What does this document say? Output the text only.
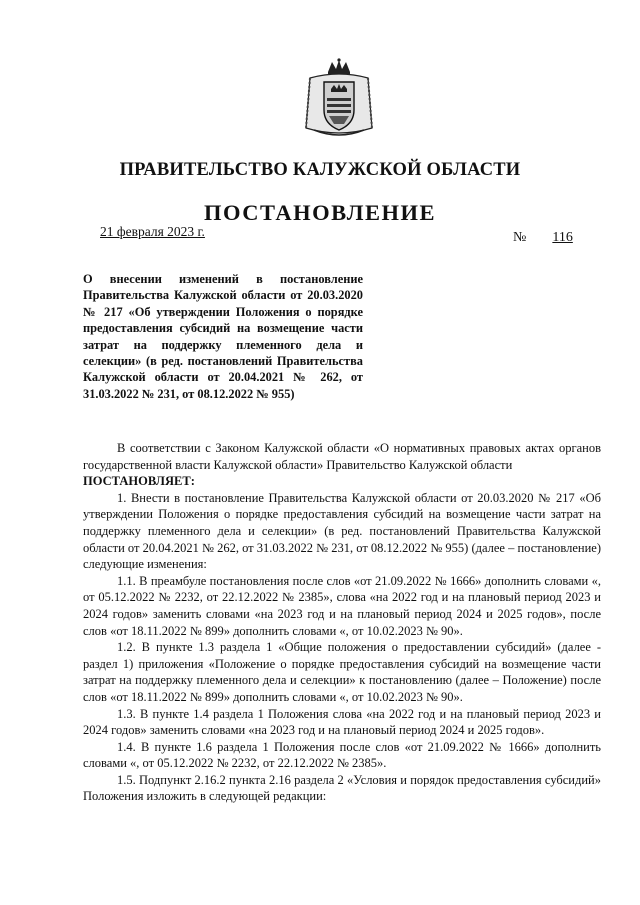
ПРАВИТЕЛЬСТВО КАЛУЖСКОЙ ОБЛАСТИ
ПОСТАНОВЛЕНИЕ
21 февраля 2023 г.	№ 116
О внесении изменений в постановление Правительства Калужской области от 20.03.2020 № 217 «Об утверждении Положения о порядке предоставления субсидий на возмещение части затрат на поддержку племенного дела и селекции» (в ред. постановлений Правительства Калужской области от 20.04.2021 № 262, от 31.03.2022 № 231, от 08.12.2022 № 955)

В соответствии с Законом Калужской области «О нормативных правовых актах органов государственной власти Калужской области» Правительство Калужской области

ПОСТАНОВЛЯЕТ:

1. Внести в постановление Правительства Калужской области от 20.03.2020 № 217 «Об утверждении Положения о порядке предоставления субсидий на возмещение части затрат на поддержку племенного дела и селекции» (в ред. постановлений Правительства Калужской области от 20.04.2021 № 262, от 31.03.2022 № 231, от 08.12.2022 № 955) (далее – постановление) следующие изменения:

1.1. В преамбуле постановления после слов «от 21.09.2022 № 1666» дополнить словами «, от 05.12.2022 № 2232, от 22.12.2022 № 2385», слова «на 2022 год и на плановый период 2023 и 2024 годов» заменить словами «на 2023 год и на плановый период 2024 и 2025 годов», после слов «от 18.11.2022 № 899» дополнить словами «, от 10.02.2023 № 90».

1.2. В пункте 1.3 раздела 1 «Общие положения о предоставлении субсидий» (далее - раздел 1) приложения «Положение о порядке предоставления субсидий на возмещение части затрат на поддержку племенного дела и селекции» к постановлению (далее – Положение) после слов «от 18.11.2022 № 899» дополнить словами «, от 10.02.2023 № 90».

1.3. В пункте 1.4 раздела 1 Положения слова «на 2022 год и на плановый период 2023 и 2024 годов» заменить словами «на 2023 год и на плановый период 2024 и 2025 годов».

1.4. В пункте 1.6 раздела 1 Положения после слов «от 21.09.2022 № 1666» дополнить словами «, от 05.12.2022 № 2232, от 22.12.2022 № 2385».

1.5. Подпункт 2.16.2 пункта 2.16 раздела 2 «Условия и порядок предоставления субсидий» Положения изложить в следующей редакции:
